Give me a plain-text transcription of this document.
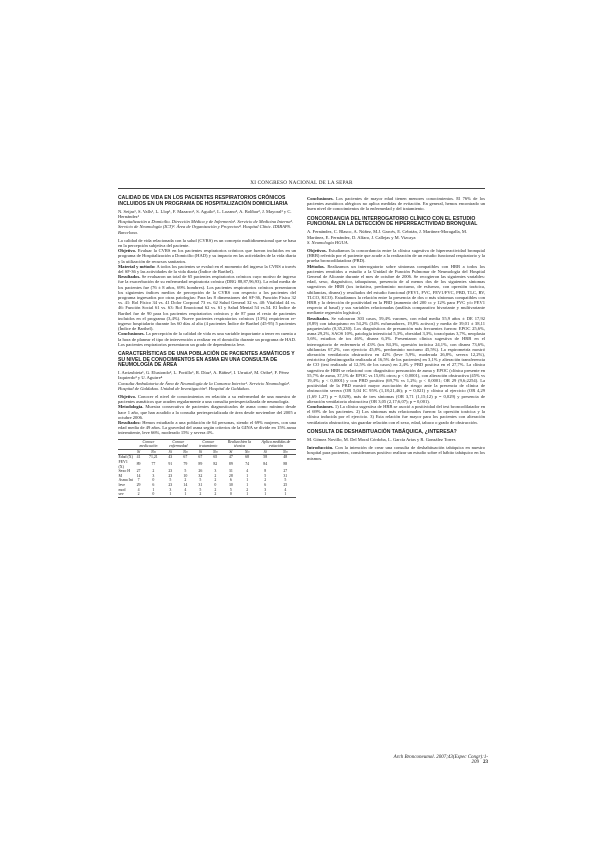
XI CONGRESO NACIONAL DE LA SEPAR

CALIDAD DE VIDA EN LOS PACIENTES RESPIRATORIOS CRÓNICOS INCLUIDOS EN UN PROGRAMA DE HOSPITALIZACIÓN DOMICILIARIA

N. Seijas¹, S. Valls¹, L. Llop¹, F. Mazarro², S. Aguilo², L. Lozano², A. Bolíbar², J. Mayoral³ y C. Hernández¹

Hospitalización a Domicilio. Dirección Médica y de Infermería¹. Servicio de Medicina Interna². Servicio de Neumología (ICT)³. Área de Organización y Proyectos⁴. Hospital Clínic. IDIBAPS. Barcelona.

La calidad de vida relacionada con la salud (CVRS) es un concepto multidimensional que se basa en la percepción subjetiva del paciente.

Objetivo. Evaluar la CVRS en los pacientes respiratorios crónicos que fueron incluidos en un programa de Hospitalización a Domicilio (HAD) y su impacto en las actividades de la vida diaria y la utilización de recursos sanitarios.

Material y método: A todos los pacientes se evaluó en el momento del ingreso la CVRS a través del SF-36 y las actividades de la vida diaria (Índice de Barthel).

Resultados. Se evaluaron un total de 65 pacientes respiratorios crónicos cuyo motivo de ingreso fue la exacerbación de su enfermedad respiratoria crónica (DRG 88,87,96,93). La edad media de los pacientes fue (76 ± 8 años, 69% hombres). Los pacientes respiratorios crónicos presentaron los siguientes índices medios de percepción de la CVRS con respecto a los pacientes del programa ingresados por otras patologías: Para las 8 dimensiones del SF-36, Función Física 32 vs. 41: Rol Físico 34 vs. 41 Dolor Corporal 73 vs. 62 Salud General 32 vs. 40: Vitalidad 44 vs. 46: Función Social 61 vs. 63: Rol Emocional 62 vs. 61 y Salud Mental 54 vs.54. El Índice de Barthel fue de 90 para los pacientes respiratorios crónicos y de 87 para el resto de pacientes incluidos en el programa (3,4%). Nueve pacientes respiratorios crónicos (13%) requirieron re-ingreso hospitalario durante los 60 días al alta (4 pacientes Índice de Barthel (45-95) 5 pacientes (Índice de Barthel).

Conclusiones. La percepción de la calidad de vida es una variable importante a tener en cuenta a la hora de planear el tipo de intervención a realizar en el domicilio durante un programa de HAD. Los pacientes respiratorios presentaron un grado de dependencia leve.

CARACTERÍSTICAS DE UNA POBLACIÓN DE PACIENTES ASMÁTICOS Y SU NIVEL DE CONOCIMIENTOS EN ASMA EN UNA CONSULTA DE NEUMOLOGÍA DE ÁREA

I. Arrizubieta¹, G. Elustondo², L. Portillo¹, R. Díaz¹, A. Báñez², I. Urrutia³, M. Oribe³, F. Pérez Izquierdo³ y U. Aguirre⁴

Consulta Ambulatoria de Área de Neumología de la Comarca Interior¹. Servicio Neumología². Hospital de Galdakao. Unidad de Investigación³. Hospital de Galdakao.

Objetivo. Conocer el nivel de conocimientos en relación a su enfermedad de una muestra de pacientes asmáticos que acuden regularmente a una consulta periespecializada de neumología.

Metodología. Muestra consecutiva de pacientes diagnosticados de asma como mínimo desde hace 1 año, que han acudido a la consulta periespecializada de área desde noviembre del 2005 a octubre 2006.

Resultados: Hemos estudiado a una población de 64 personas, siendo el 69% mujeres, con una edad media de 49 años. La gravedad del asma según criterios de la GINA se divide en 15% asma intermitente, leve 66%, moderado 15% y severa 4%.

	Conoce medicación		Conoce enfermedad		Conoce tratamiento		Realiza bien la técnica		Aplica medidas de evitación	
	Sí	No	Sí	No	Sí	No	Sí	No	Sí	No
Edad (X)	41	71,21	43	67	67	65	47	68	58	48
FEV1 (X)	89	77	91	79	89	82	89	74	84	88
Sexo H	27	2	23	5	26	3	31	4	8	27
M	14	3	23	10	32	2	28	1	5	31
Asma Int	7	0	5	2	5	2	6	1	2	5
leve	29	6	23	14	31	0	30	1	6	25
mod	4	1	3	4	5	2	5	2	3	4
sev	2	0	1	1	2	2	0	1	1	1

Conclusiones. Los pacientes de mayor edad tienen menores conocimientos. El 76% de los pacientes asmáticos alérgicos no aplica medidas de evitación. En general, hemos encontrado un buen nivel de conocimientos de la enfermedad y del tratamiento.

CONCORDANCIA DEL INTERROGATORIO CLÍNICO CON EL ESTUDIO FUNCIONAL EN LA DETECCIÓN DE HIPERREACTIVIDAD BRONQUIAL

A. Fernández, C. Blasco, A. Núñez, M.J. Garcés, E. Cebrián, J. Martínez-Moragalla, M. Martínez, E. Fernández, D. Alfaro, J. Callejas y M. Vizcaya

S. Neumología HGUA.

Objetivos. Estudiamos la concordancia entre la clínica sugestiva de hiperreactividad bronquial (HRB) referida por el paciente que acude a la realización de un estudio funcional respiratorio y la prueba broncodilatadora (PBD).

Métodos. Realizamos un interrogatorio sobre síntomas compatibles con HRB a todos los pacientes remitidos a estudio a la Unidad de Función Pulmonar de Neumología del Hospital General de Alicante durante el mes de octubre de 2006. Se recogieron las siguientes variables: edad, sexo, diagnóstico, tabaquismo, presencia de al menos dos de los siguientes síntomas sugestivos de HRB (tos irritativa, predominio nocturno, de esfuerzo, con opresión torácica, sibilancias, disnea) y resultados del estudio funcional (FEV1, FVC, FEV1/FVC, PBD, TLC, RV, TLCO, KCO). Estudiamos la relación entre la presencia de dos o más síntomas compatibles con HRB y la detección de positividad en la PBD (aumento del 200 cc y 12% para FVC y/o FEV1 respecto al basal) y sus variables relacionadas (análisis comparativo bivariante y multivariante mediante regresión logística).

Resultados. Se valoraron 303 casos, 59,4% varones, con edad media 55,9 años ± DE 17,92 (8,89) con tabaquismo en 54,2% (34% exfumadores, 19,8% activos) y media de 39,01 ± 38,11 paquetes/año (0,35,230). Los diagnósticos de presunción más frecuentes fueron: EPOC 25,6%, asma 29,2%, SAOS 10%, patología intersticial 5,3%, obesidad 3,3%, toracópatas 3,7%, neoplasia 5,6%, estudios de tos 46%, disnea 6,3%. Presentaron clínica sugestiva de HRB en el interrogatorio de enfermería el 43% (tos 84,3%, opresión torácica 24,1%, con disnea 73,6%, sibilancias 67,2%, con ejercicio 45,8%, predominio nocturno 45,5%). La espirometría mostró alteración ventilatoria obstructiva en 42% (leve 5,9%, moderada 26,8%, severa 12,2%), restrictiva (plestimografía realizada al 16,5% de los pacientes) en 3,1% y alteración transferencia de CO (test realizado al 12,5% de los casos) en 2,4% y PBD positiva en el 27,7%. La clínica sugestiva de HRB se relacionó con: diagnóstico presunción de asma y EPOC (clínica presente en 55,7% de asma, 37,1% de EPOC vs 15,6% otros; p < 0,0001), con alteración obstructiva (45% vs 19,4%; p < 0,0001) y con PBD positiva (69,7% vs 1,2%; p < 0,0001; OR 29 (9,6;2254). La positividad de la PBD mostró mayor asociación de riesgo ante la presencia de clínica de obstrucción severa (OR 5,04 IC 95% (1,18;21,46); p = 0,021) y clínica al ejercicio (OR 4,29 (1,69 1,27) p = 0,029), más de tres síntomas (OR 3,71 (1,15;12) p = 0,029) y presencia de alteración ventilatoria obstructiva (OR 3,05 (2,17;6,07); p = 0,001).

Conclusiones. 1) La clínica sugestiva de HRB se asoció a positividad del test broncodilatador en el 69% de los pacientes. 2) Los síntomas más relacionados fueron: la opresión torácica y la clínica inducida por el ejercicio. 3) Esta relación fue mayor para los pacientes con alteración ventilatoria obstructiva, sin guardar relación con el sexo, edad, tabaco o grado de obstrucción.

CONSULTA DE DESHABITUACIÓN TABÁQUICA, ¿INTERESA?

M. Gómez Novillo, M. Del Moral Córdoba, L. García Arias y R. González Torres

Introducción. Con la intención de crear una consulta de deshabituación tabáquica en nuestro hospital para pacientes, consideramos positivo realizar un estudio sobre el hábito tabáquico en los mismos.

Arch Bronconeumol. 2007;43(Espec Congr):1-209 23
